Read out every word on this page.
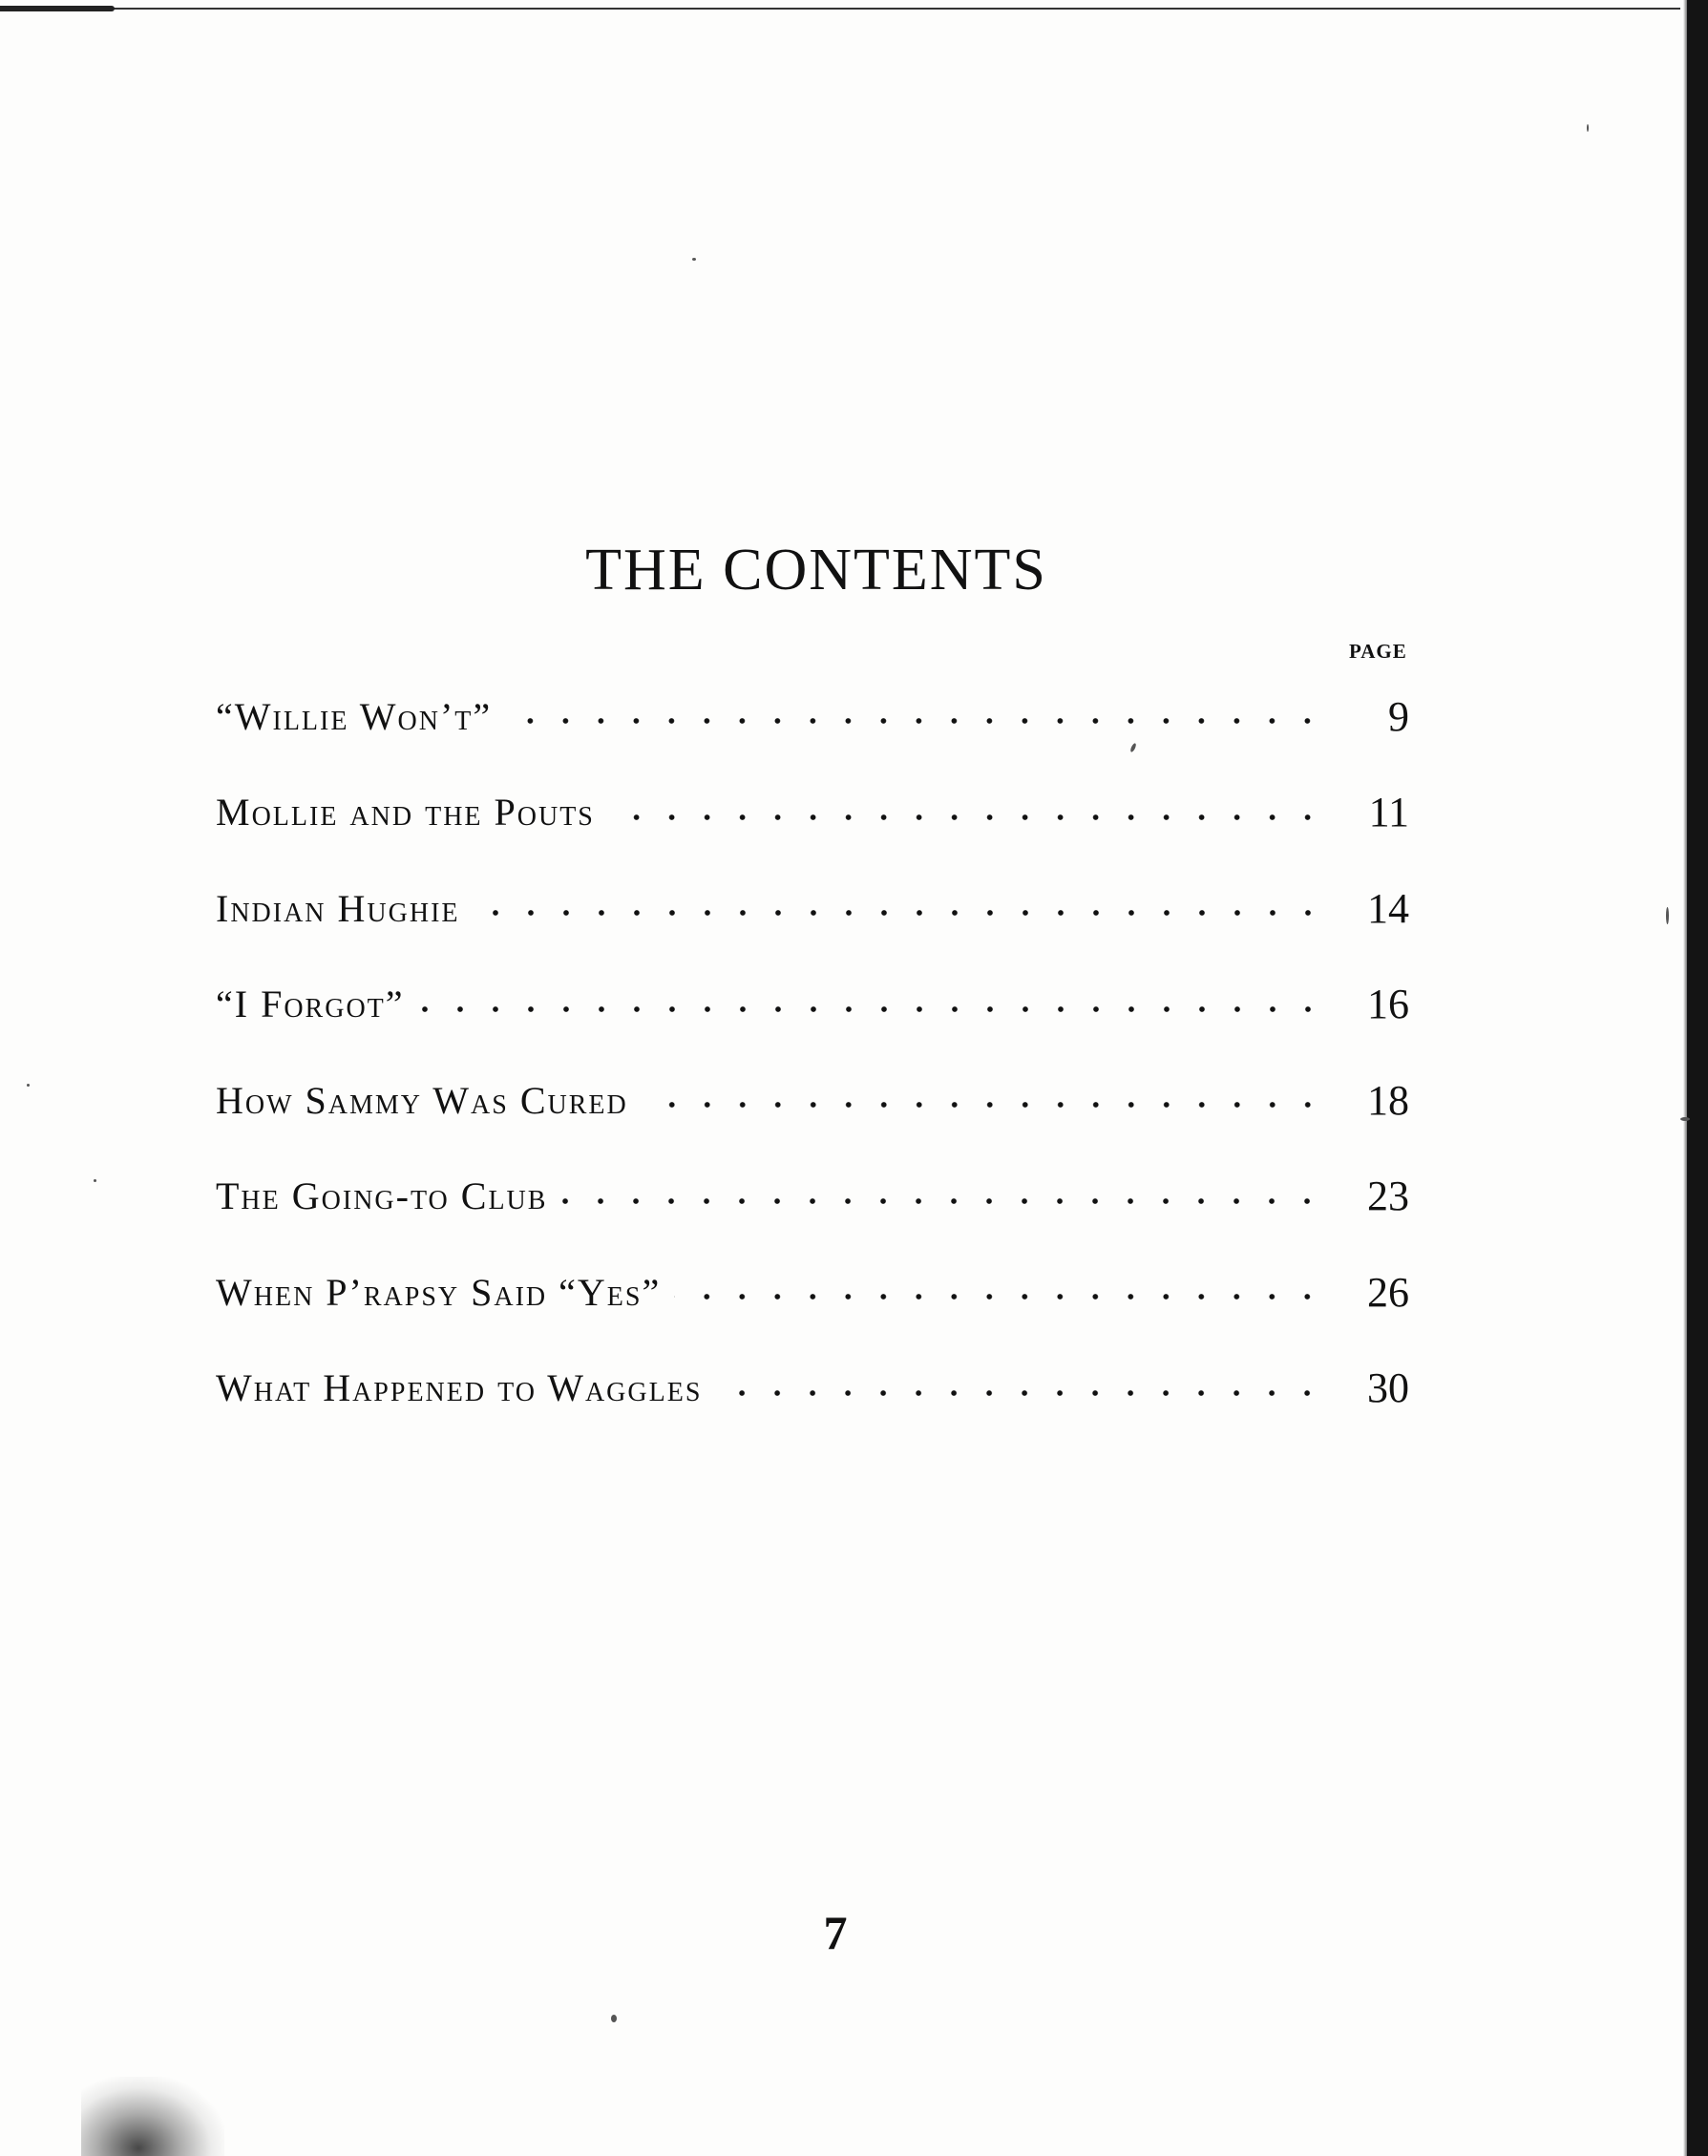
THE CONTENTS
PAGE
“Willie Won’t”	9
Mollie and the Pouts	11
Indian Hughie	14
“I Forgot”	16
How Sammy Was Cured	18
The Going-to Club	23
When P’rapsy Said “Yes”	26
What Happened to Waggles	30
7
